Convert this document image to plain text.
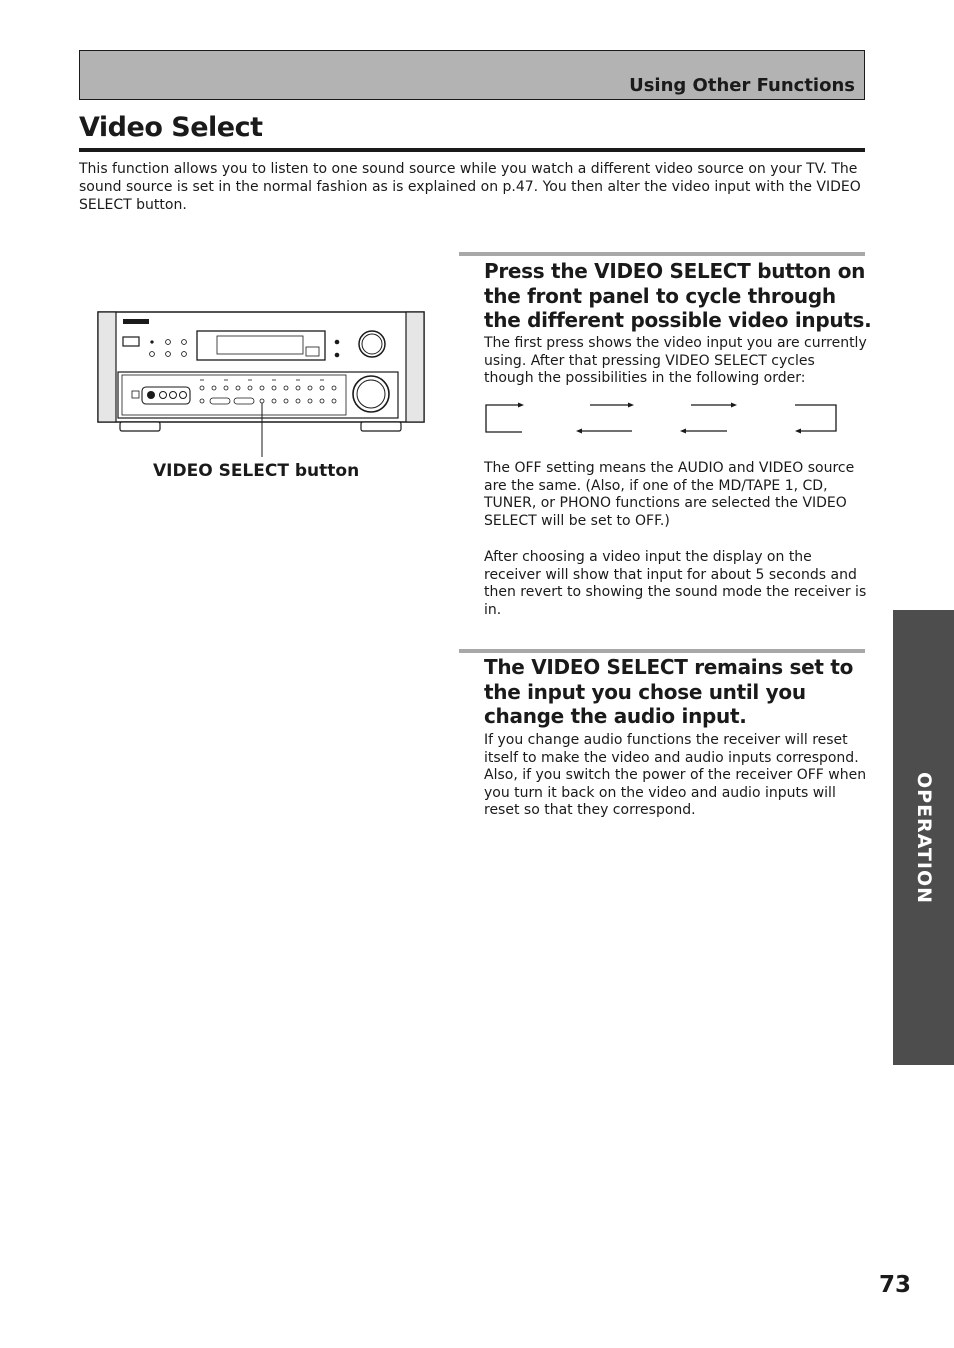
Using Other Functions
Video Select

This function allows you to listen to one sound source while you watch a different video source on your TV. The sound source is set in the normal fashion as is explained on p.47. You then alter the video input with the VIDEO SELECT button.

VIDEO SELECT button
Press the VIDEO SELECT button on the front panel to cycle through the different possible video inputs.

The first press shows the video input you are currently using. After that pressing VIDEO SELECT cycles though the possibilities in the following order:

The OFF setting means the AUDIO and VIDEO source are the same. (Also, if one of the MD/TAPE 1, CD, TUNER, or PHONO functions are selected the VIDEO SELECT will be set to OFF.)

After choosing a video input the display on the receiver will show that input for about 5 seconds and then revert to showing the sound mode the receiver is in.

The VIDEO SELECT remains set to the input you chose until you change the audio input.

If you change audio functions the receiver will reset itself to make the video and audio inputs correspond. Also, if you switch the power of the receiver OFF when you turn it back on the video and audio inputs will reset so that they correspond.	OPERATION
73
